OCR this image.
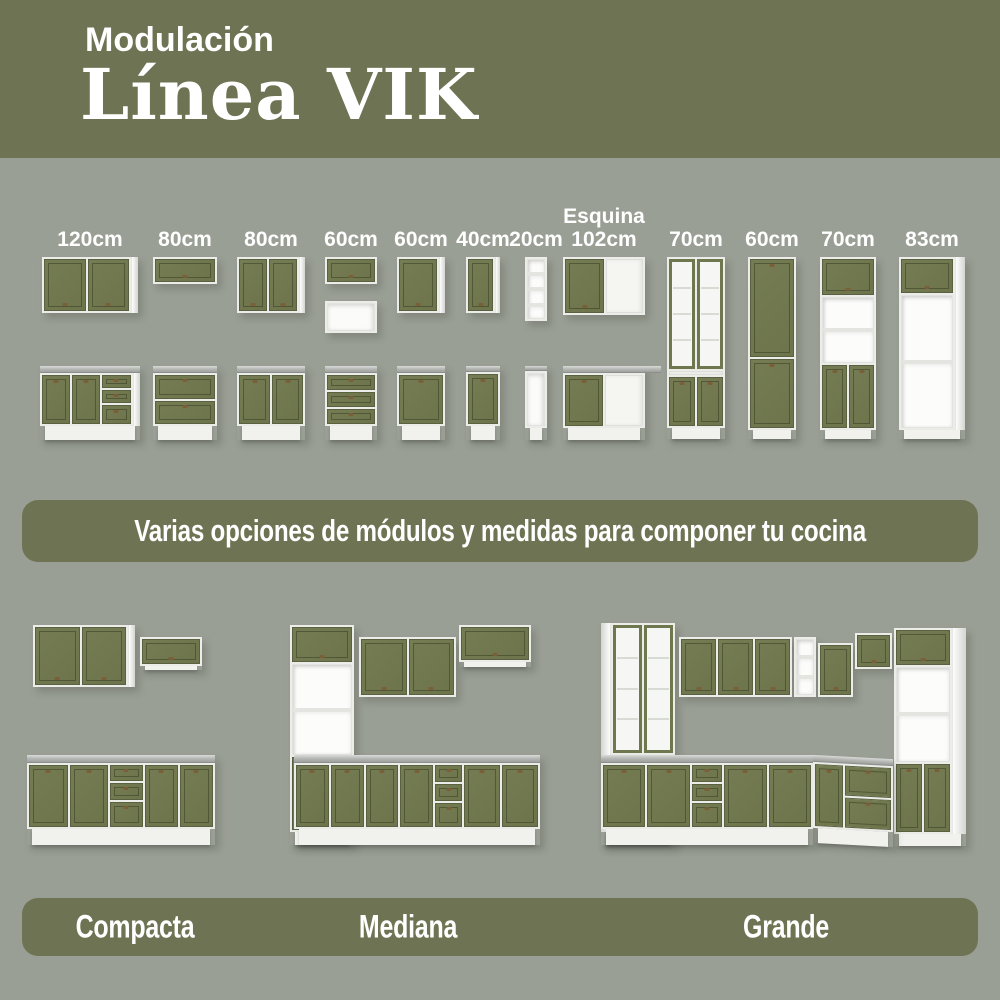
Modulación
Línea VIK
120cm 80cm 80cm 60cm 60cm 40cm 20cm
Esquina
102cm	70cm 60cm 70cm 83cm
Varias opciones de módulos y medidas para componer tu cocina
Compacta	Mediana	Grande
